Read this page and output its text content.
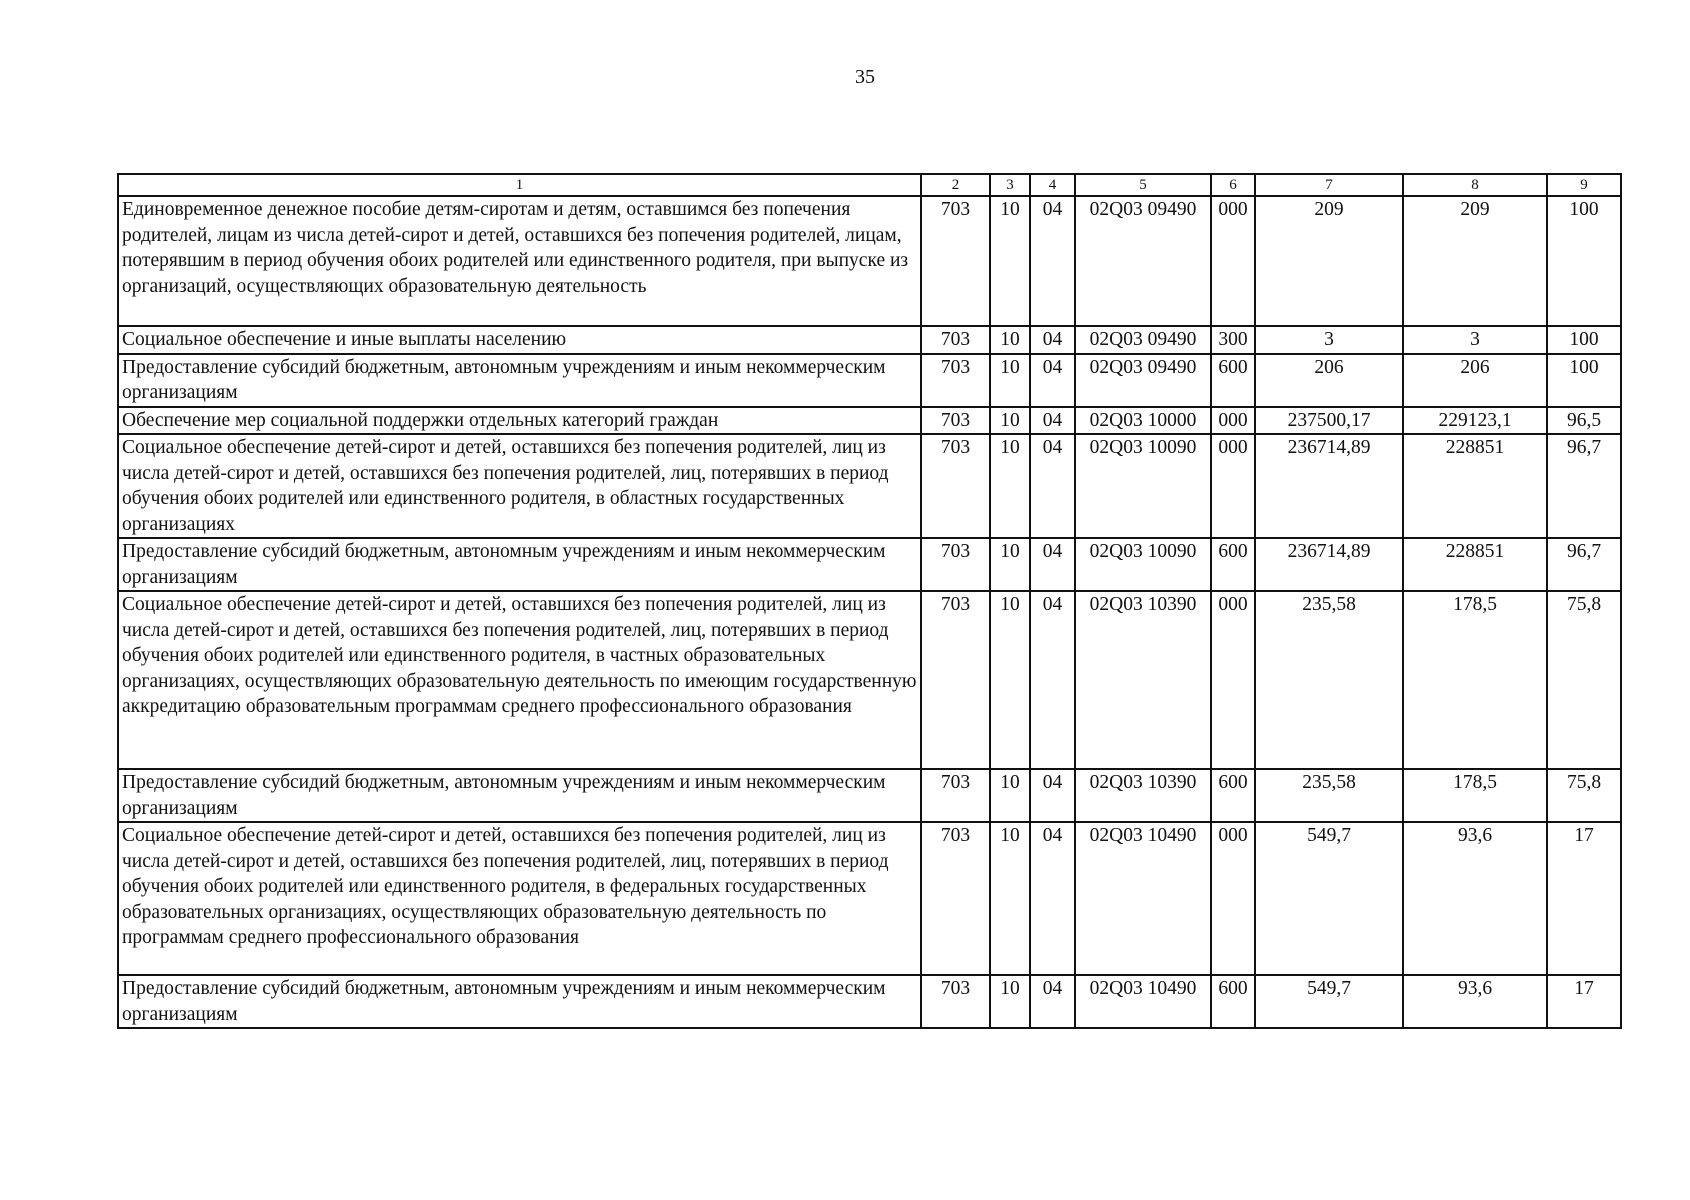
35
1	2	3	4	5	6	7	8	9
Единовременное денежное пособие детям-сиротам и детям, оставшимся без попечения родителей, лицам из числа детей-сирот и детей, оставшихся без попечения родителей, лицам, потерявшим в период обучения обоих родителей или единственного родителя, при выпуске из организаций, осуществляющих образовательную деятельность	703	10	04	02Q03 09490	000	209	209	100
Социальное обеспечение и иные выплаты населению	703	10	04	02Q03 09490	300	3	3	100
Предоставление субсидий бюджетным, автономным учреждениям и иным некоммерческим организациям	703	10	04	02Q03 09490	600	206	206	100
Обеспечение мер социальной поддержки отдельных категорий граждан	703	10	04	02Q03 10000	000	237500,17	229123,1	96,5
Социальное обеспечение детей-сирот и детей, оставшихся без попечения родителей, лиц из числа детей-сирот и детей, оставшихся без попечения родителей, лиц, потерявших в период обучения обоих родителей или единственного родителя, в областных государственных организациях	703	10	04	02Q03 10090	000	236714,89	228851	96,7
Предоставление субсидий бюджетным, автономным учреждениям и иным некоммерческим организациям	703	10	04	02Q03 10090	600	236714,89	228851	96,7
Социальное обеспечение детей-сирот и детей, оставшихся без попечения родителей, лиц из числа детей-сирот и детей, оставшихся без попечения родителей, лиц, потерявших в период обучения обоих родителей или единственного родителя, в частных образовательных организациях, осуществляющих образовательную деятельность по имеющим государственную аккредитацию образовательным программам среднего профессионального образования	703	10	04	02Q03 10390	000	235,58	178,5	75,8
Предоставление субсидий бюджетным, автономным учреждениям и иным некоммерческим организациям	703	10	04	02Q03 10390	600	235,58	178,5	75,8
Социальное обеспечение детей-сирот и детей, оставшихся без попечения родителей, лиц из числа детей-сирот и детей, оставшихся без попечения родителей, лиц, потерявших в период обучения обоих родителей или единственного родителя, в федеральных государственных образовательных организациях, осуществляющих образовательную деятельность по программам среднего профессионального образования	703	10	04	02Q03 10490	000	549,7	93,6	17
Предоставление субсидий бюджетным, автономным учреждениям и иным некоммерческим организациям	703	10	04	02Q03 10490	600	549,7	93,6	17
